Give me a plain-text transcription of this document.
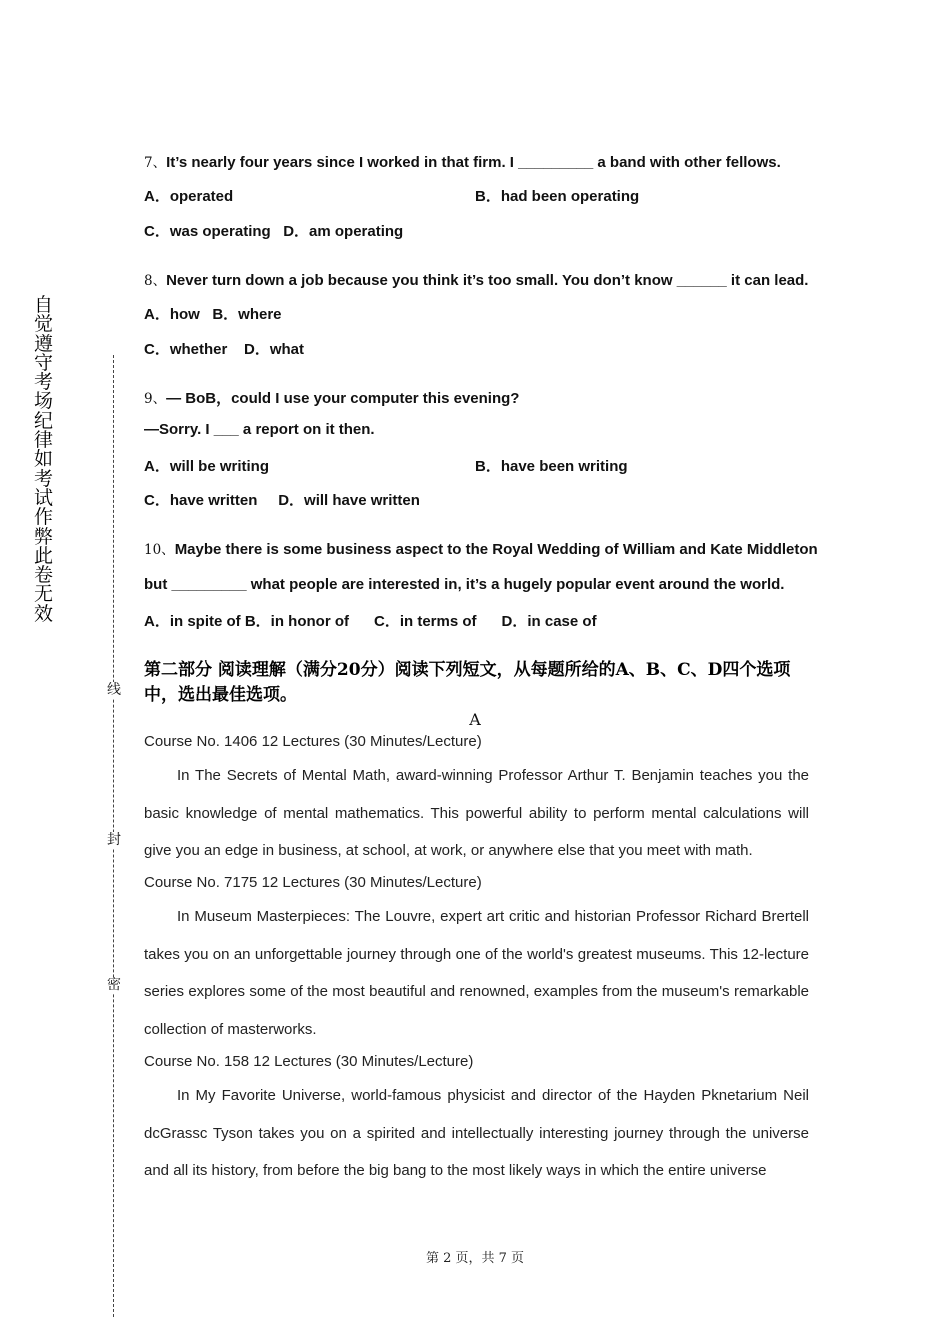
自觉遵守考场纪律如考试作弊此卷无效
线
封
密
7、It’s nearly four years since I worked in that firm. I _________ a band with other fellows.
A．operated	B．had been operating
C．was operating D．am operating
8、Never turn down a job because you think it’s too small. You don’t know ______ it can lead.
A．how B．where
C．whether D．what
9、— BoB，could I use your computer this evening?
—Sorry. I ___ a report on it then.
A．will be writing	B．have been writing
C．have written D．will have written
10、Maybe there is some business aspect to the Royal Wedding of William and Kate Middleton
but _________ what people are interested in, it’s a hugely popular event around the world.
A．in spite of B．in honor of C．in terms of D．in case of
第二部分 阅读理解（满分20分）阅读下列短文，从每题所给的A、B、C、D四个选项中，选出最佳选项。
A
Course No. 1406 12 Lectures (30 Minutes/Lecture)
In The Secrets of Mental Math, award-winning Professor Arthur T. Benjamin teaches you the basic knowledge of mental mathematics. This powerful ability to perform mental calculations will give you an edge in business, at school, at work, or anywhere else that you meet with math.
Course No. 7175 12 Lectures (30 Minutes/Lecture)
In Museum Masterpieces: The Louvre, expert art critic and historian Professor Richard Brertell takes you on an unforgettable journey through one of the world's greatest museums. This 12-lecture series explores some of the most beautiful and renowned, examples from the museum's remarkable collection of masterworks.
Course No. 158 12 Lectures (30 Minutes/Lecture)
In My Favorite Universe, world-famous physicist and director of the Hayden Pknetarium Neil dcGrassc Tyson takes you on a spirited and intellectually interesting journey through the universe and all its history, from before the big bang to the most likely ways in which the entire universe
第 2 页，共 7 页
